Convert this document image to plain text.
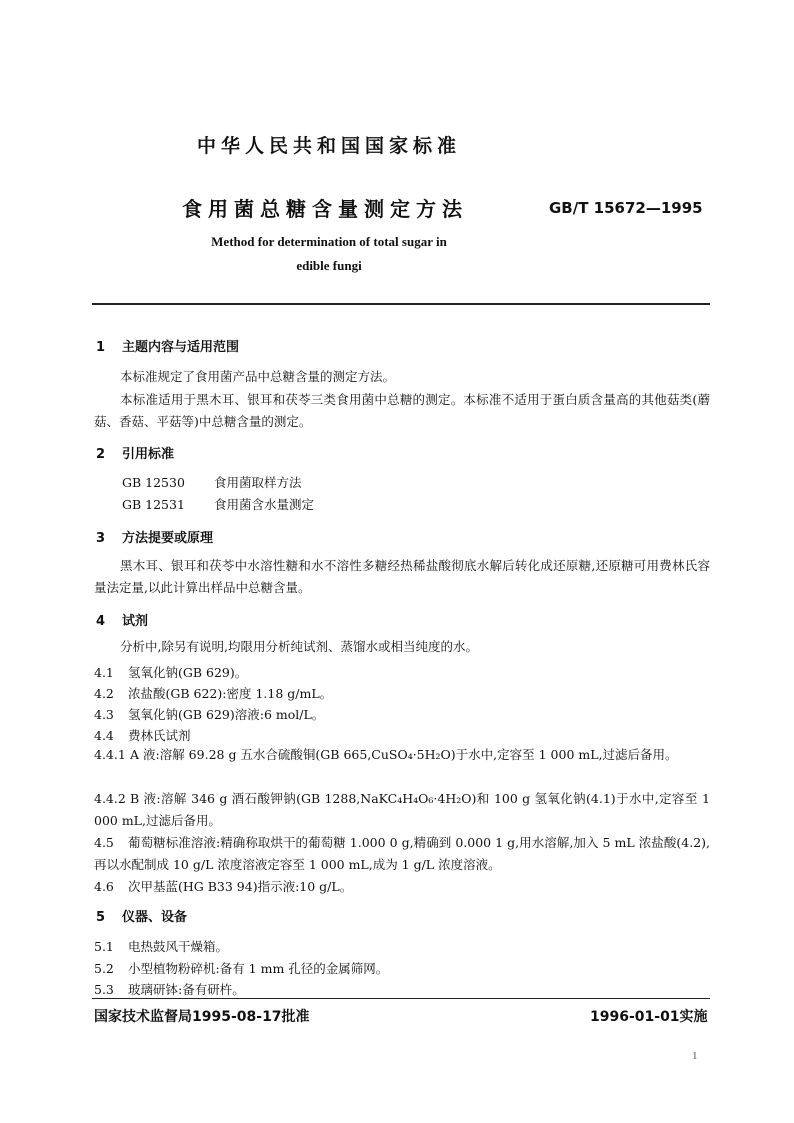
中华人民共和国国家标准
食用菌总糖含量测定方法	GB/T 15672—1995
Method for determination of total sugar in
edible fungi
1 主题内容与适用范围
本标准规定了食用菌产品中总糖含量的测定方法。
本标准适用于黑木耳、银耳和茯苓三类食用菌中总糖的测定。本标准不适用于蛋白质含量高的其他菇类(蘑菇、香菇、平菇等)中总糖含量的测定。
2 引用标准
GB 12530 食用菌取样方法
GB 12531 食用菌含水量测定
3 方法提要或原理
黑木耳、银耳和茯苓中水溶性糖和水不溶性多糖经热稀盐酸彻底水解后转化成还原糖,还原糖可用费林氏容量法定量,以此计算出样品中总糖含量。
4 试剂
分析中,除另有说明,均限用分析纯试剂、蒸馏水或相当纯度的水。
4.1 氢氧化钠(GB 629)。
4.2 浓盐酸(GB 622):密度 1.18 g/mL。
4.3 氢氧化钠(GB 629)溶液:6 mol/L。
4.4 费林氏试剂
4.4.1 A 液:溶解 69.28 g 五水合硫酸铜(GB 665,CuSO₄·5H₂O)于水中,定容至 1 000 mL,过滤后备用。
4.4.2 B 液:溶解 346 g 酒石酸钾钠(GB 1288,NaKC₄H₄O₆·4H₂O)和 100 g 氢氧化钠(4.1)于水中,定容至 1 000 mL,过滤后备用。
4.5 葡萄糖标准溶液:精确称取烘干的葡萄糖 1.000 0 g,精确到 0.000 1 g,用水溶解,加入 5 mL 浓盐酸(4.2),再以水配制成 10 g/L 浓度溶液定容至 1 000 mL,成为 1 g/L 浓度溶液。
4.6 次甲基蓝(HG B33 94)指示液:10 g/L。
5 仪器、设备
5.1 电热鼓风干燥箱。
5.2 小型植物粉碎机:备有 1 mm 孔径的金属筛网。
5.3 玻璃研钵:备有研杵。
国家技术监督局1995-08-17批准	1996-01-01实施
1
